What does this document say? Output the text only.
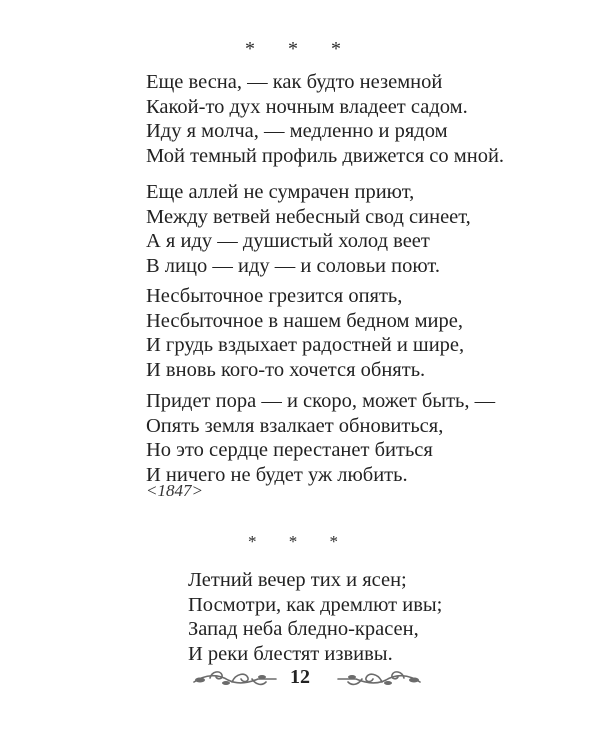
* * *
Еще весна, — как будто неземной
Какой-то дух ночным владеет садом.
Иду я молча, — медленно и рядом
Мой темный профиль движется со мной.
Еще аллей не сумрачен приют,
Между ветвей небесный свод синеет,
А я иду — душистый холод веет
В лицо — иду — и соловьи поют.
Несбыточное грезится опять,
Несбыточное в нашем бедном мире,
И грудь вздыхает радостней и шире,
И вновь кого-то хочется обнять.
Придет пора — и скоро, может быть, —
Опять земля взалкает обновиться,
Но это сердце перестанет биться
И ничего не будет уж любить.
<1847>
* * *
Летний вечер тих и ясен;
Посмотри, как дремлют ивы;
Запад неба бледно-красен,
И реки блестят извивы.
12
